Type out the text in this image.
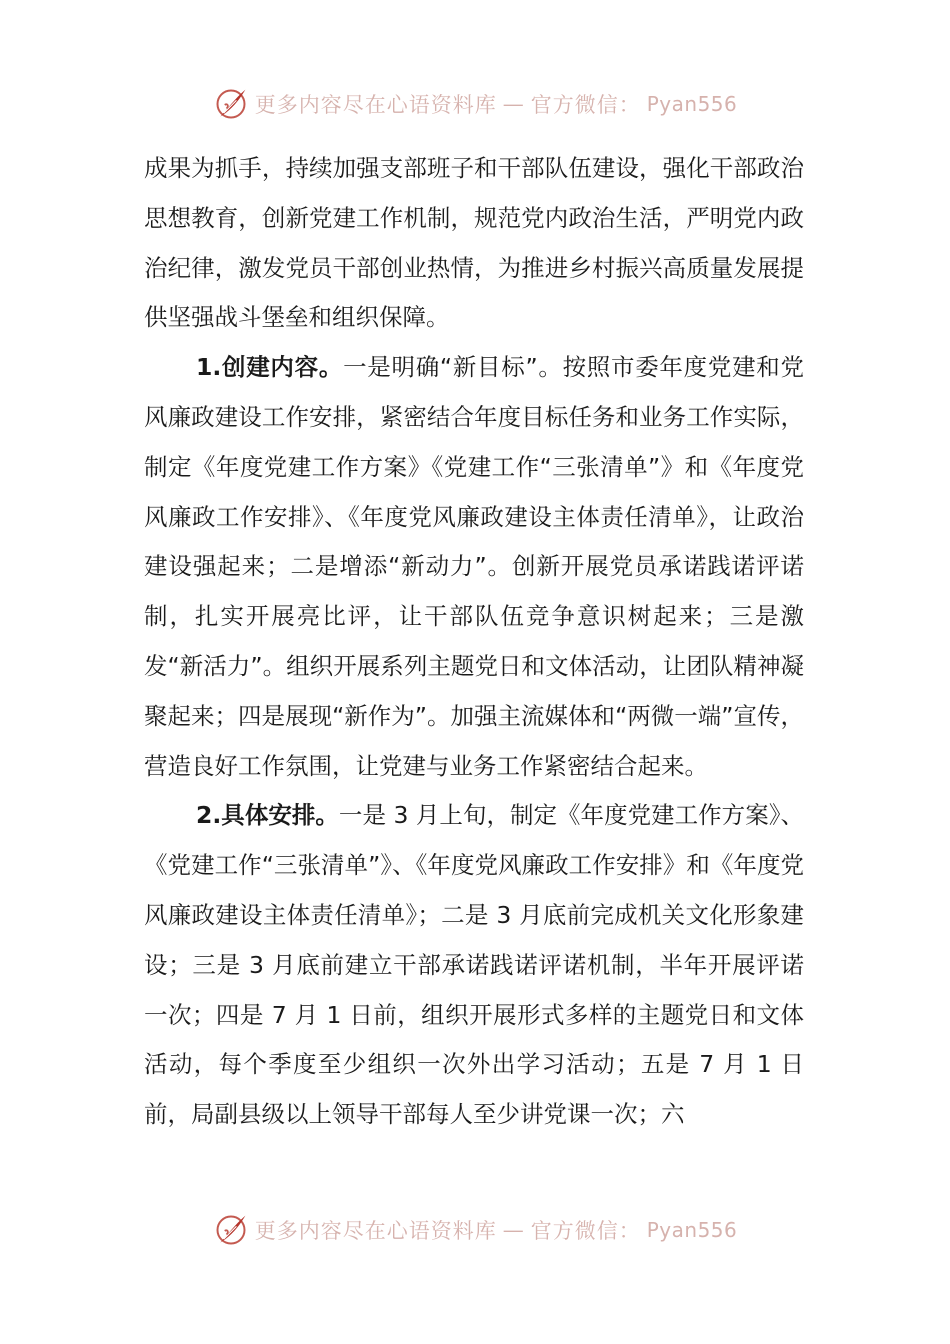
更多内容尽在心语资料库 — 官方微信： Pyan556

成果为抓手，持续加强支部班子和干部队伍建设，强化干部政治思想教育，创新党建工作机制，规范党内政治生活，严明党内政治纪律，激发党员干部创业热情，为推进乡村振兴高质量发展提供坚强战斗堡垒和组织保障。

1.创建内容。一是明确“新目标”。按照市委年度党建和党风廉政建设工作安排，紧密结合年度目标任务和业务工作实际，制定《年度党建工作方案》《党建工作“三张清单”》和《年度党风廉政工作安排》、《年度党风廉政建设主体责任清单》，让政治建设强起来；二是增添“新动力”。创新开展党员承诺践诺评诺制，扎实开展亮比评，让干部队伍竞争意识树起来；三是激发“新活力”。组织开展系列主题党日和文体活动，让团队精神凝聚起来；四是展现“新作为”。加强主流媒体和“两微一端”宣传，营造良好工作氛围，让党建与业务工作紧密结合起来。

2.具体安排。一是 3 月上旬，制定《年度党建工作方案》、《党建工作“三张清单”》、《年度党风廉政工作安排》和《年度党风廉政建设主体责任清单》；二是 3 月底前完成机关文化形象建设；三是 3 月底前建立干部承诺践诺评诺机制，半年开展评诺一次；四是 7 月 1 日前，组织开展形式多样的主题党日和文体活动，每个季度至少组织一次外出学习活动；五是 7 月 1 日前，局副县级以上领导干部每人至少讲党课一次；六

更多内容尽在心语资料库 — 官方微信： Pyan556
